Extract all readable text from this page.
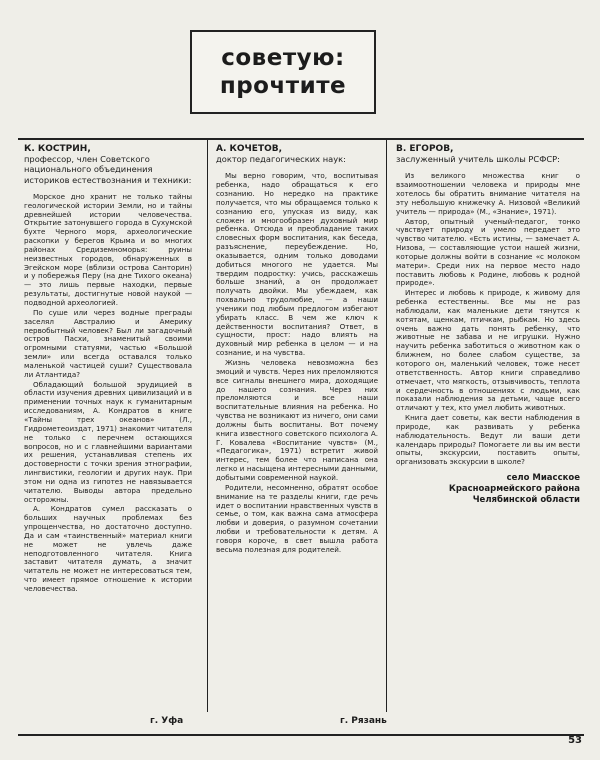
советую:
прочтите
К. КОСТРИН,
профессор, член Советского национального объединения историков естествознания и техники:

Морское дно хранит не только тайны геологической истории Земли, но и тайны древнейшей истории человечества. Открытие затонувшего города в Сухумской бухте Черного моря, археологические раскопки у берегов Крыма и во многих районах Средиземноморья: руины неизвестных городов, обнаруженных в Эгейском море (вблизи острова Санторин) и у побережья Перу (на дне Тихого океана) — это лишь первые находки, первые результаты, достигнутые новой наукой — подводной археологией.

По суше или через водные преграды заселял Австралию и Америку первобытный человек? Был ли загадочный остров Пасхи, знаменитый своими огромными статуями, частью «Большой земли» или всегда оставался только маленькой частицей суши? Существовала ли Атлантида?

Обладающий большой эрудицией в области изучения древних цивилизаций и в применении точных наук к гуманитарным исследованиям, А. Кондратов в книге «Тайны трех океанов» (Л., Гидрометеоиздат, 1971) знакомит читателя не только с перечнем остающихся вопросов, но и с главнейшими вариантами их решения, устанавливая степень их достоверности с точки зрения этнографии, лингвистики, геологии и других наук. При этом ни одна из гипотез не навязывается читателю. Выводы автора предельно осторожны.

А. Кондратов сумел рассказать о больших научных проблемах без упрощенчества, но достаточно доступно. Да и сам «таинственный» материал книги не может не увлечь даже неподготовленного читателя. Книга заставит читателя думать, а значит читатель не может не интересоваться тем, что имеет прямое отношение к истории человечества.

А. КОЧЕТОВ,
доктор педагогических наук:

Мы верно говорим, что, воспитывая ребенка, надо обращаться к его сознанию. Но нередко на практике получается, что мы обращаемся только к сознанию его, упуская из виду, как сложен и многообразен духовный мир ребенка. Отсюда и преобладание таких словесных форм воспитания, как беседа, разъяснение, переубеждение. Но, оказывается, одним только доводами добиться многого не удается. Мы твердим подростку: учись, расскажешь больше знаний, а он продолжает получать двойки. Мы убеждаем, как похвально трудолюбие, — а наши ученики под любым предлогом избегают убирать класс. В чем же ключ к действенности воспитания? Ответ, в сущности, прост: надо влиять на духовный мир ребенка в целом — и на сознание, и на чувства.

Жизнь человека невозможна без эмоций и чувств. Через них преломляются все сигналы внешнего мира, доходящие до нашего сознания. Через них преломляются и все наши воспитательные влияния на ребенка. Но чувства не возникают из ничего, они сами должны быть воспитаны. Вот почему книга известного советского психолога А. Г. Ковалева «Воспитание чувств» (М., «Педагогика», 1971) встретит живой интерес, тем более что написана она легко и насыщена интересными данными, добытыми современной наукой.

Родители, несомненно, обратят особое внимание на те разделы книги, где речь идет о воспитании нравственных чувств в семье, о том, как важна сама атмосфера любви и доверия, о разумном сочетании любви и требовательности к детям. А говоря короче, в свет вышла работа весьма полезная для родителей.

В. ЕГОРОВ,
заслуженный учитель школы РСФСР:

Из великого множества книг о взаимоотношении человека и природы мне хотелось бы обратить внимание читателя на эту небольшую книжечку А. Низовой «Великий учитель — природа» (М., «Знание», 1971).

Автор, опытный ученый-педагог, тонко чувствует природу и умело передает это чувство читателю. «Есть истины, — замечает А. Низова, — составляющие устои нашей жизни, которые должны войти в сознание «с молоком матери». Среди них на первое место надо поставить любовь к Родине, любовь к родной природе».

Интерес и любовь к природе, к живому для ребенка естественны. Все мы не раз наблюдали, как маленькие дети тянутся к котятам, щенкам, птичкам, рыбкам. Но здесь очень важно дать понять ребенку, что животные не забава и не игрушки. Нужно научить ребенка заботиться о животном как о ближнем, но более слабом существе, за которого он, маленький человек, тоже несет ответственность. Автор книги справедливо отмечает, что мягкость, отзывчивость, теплота и сердечность в отношениях с людьми, как показали наблюдения за детьми, чаще всего отличают у тех, кто умел любить животных.

Книга дает советы, как вести наблюдения в природе, как развивать у ребенка наблюдательность. Ведут ли ваши дети календарь природы? Помогаете ли вы им вести опыты, экскурсии, поставить опыты, организовать экскурсии в школе?

село Миасское
Красноармейского района
Челябинской области
г. Уфа	г. Рязань
53
